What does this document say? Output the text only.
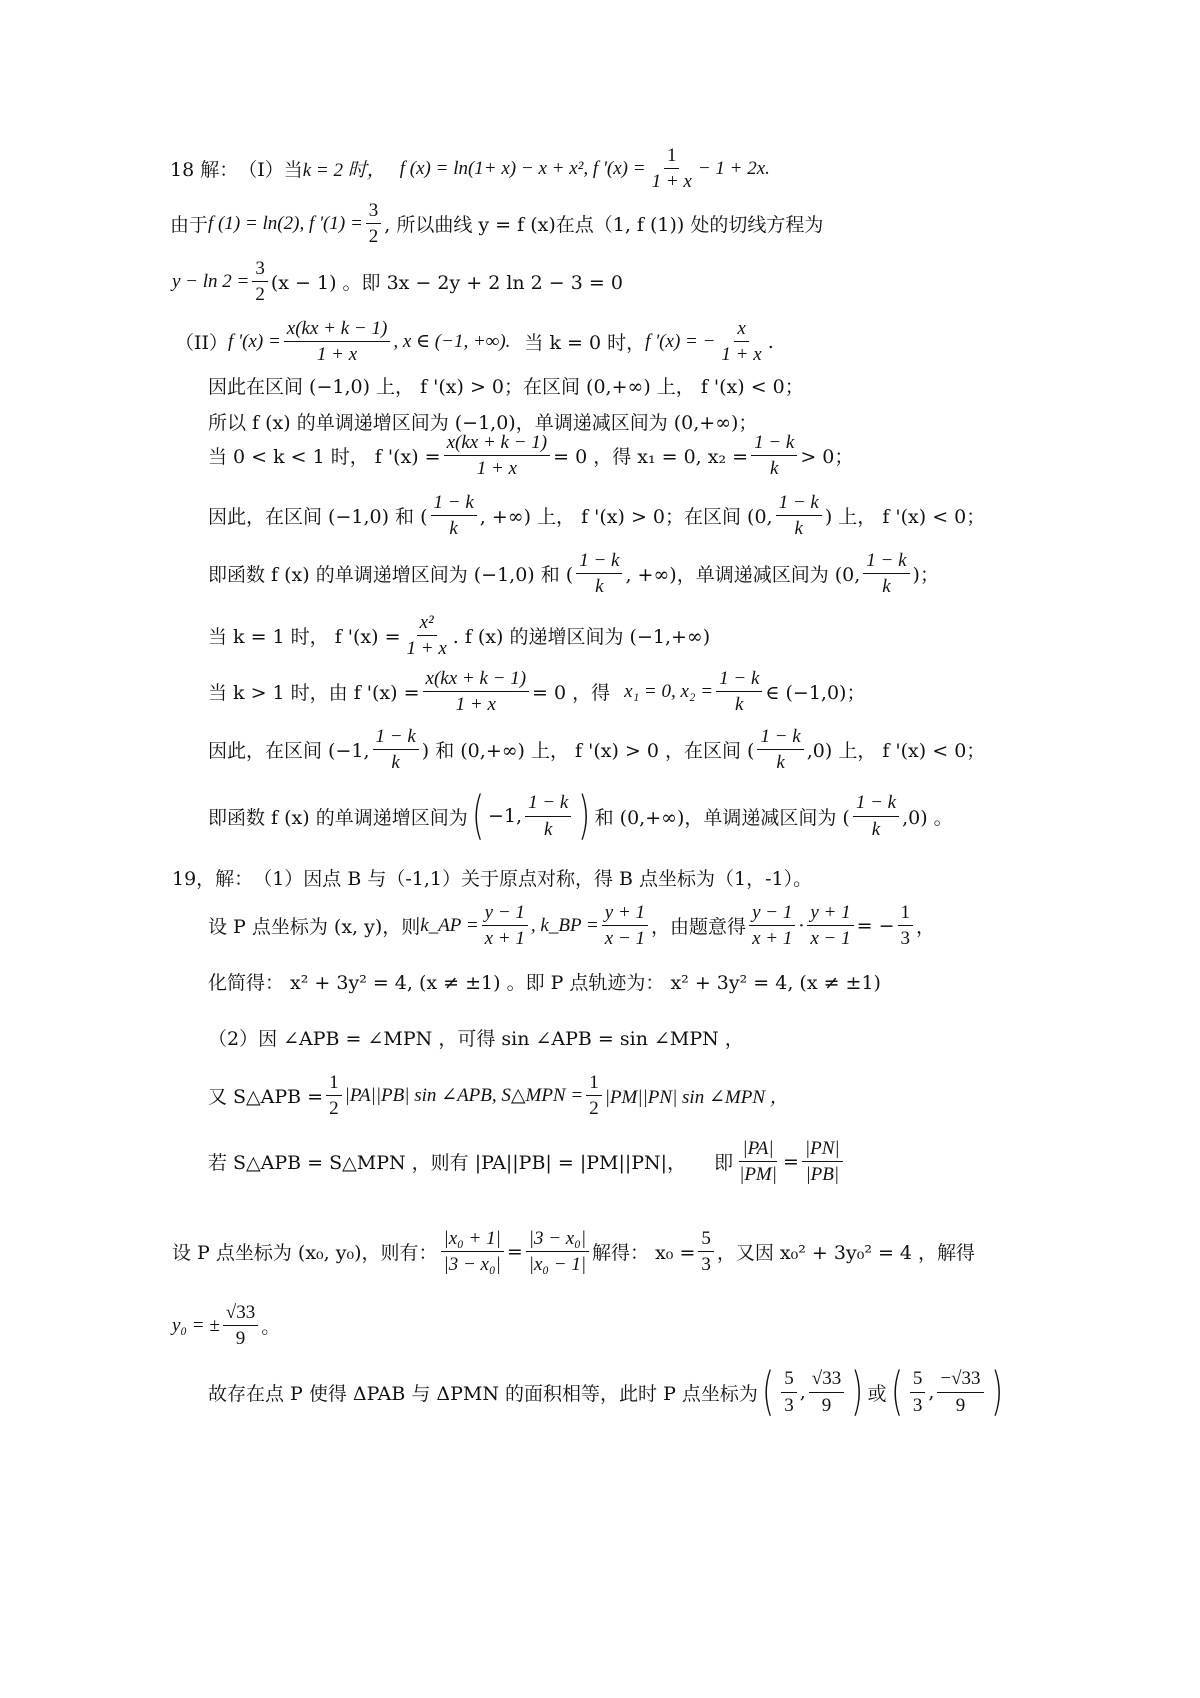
18 解： （I）当 k = 2 时， f (x) = ln(1+ x) − x + x², f '$(x) = \frac{1}{1 + x} - 1 + 2x$.
由于 f (1) = ln(2), f '$(1) = \frac{3}{2}$ , 所以曲线 y = f (x)在点（1, f (1)) 处的切线方程为
$y - \ln 2 = \frac{3}{2} (x - 1)$ 。即 3x − 2y + 2 ln 2 − 3 = 0
（II） f '$(x) = \frac{x(kx + k - 1)}{1 + x}$ , x ∈ (−1, +∞). 当 k = 0 时， f '(x) = − $\frac{x}{1 + x}$ .
因此在区间 (−1,0) 上， f '(x) > 0；在区间 (0,+∞) 上， f '(x) < 0；
所以 f (x) 的单调递增区间为 (−1,0)，单调递减区间为 (0,+∞)；
当 0 < k < 1 时， f '$(x) = \frac{x(kx + k - 1)}{1 + x} = 0$ ，得 x₁ = 0, $x_2 = \frac{1 - k}{k} > 0$；
因此，在区间 (−1,0) 和 ( $\frac{1 - k}{k}$ , +∞) 上， f '(x) > 0；在区间 (0, $\frac{1 - k}{k}$ ) 上， f '(x) < 0；
即函数 f (x) 的单调递增区间为 (−1,0) 和 ( $\frac{1 - k}{k}$ , +∞)，单调递减区间为 (0, $\frac{1 - k}{k}$ )；
当 k = 1 时， f '$(x) = \frac{\text{x²}}{1 + x}$ . f (x) 的递增区间为 (−1,+∞)
当 k > 1 时，由 f '$(x) = \frac{x(kx + k - 1)}{1 + x} = 0$ ，得 x₁ = 0, $x_2 = \frac{1 - k}{k}$ ∈ (−1,0)；
因此，在区间 (−1, $\frac{1 - k}{k}$ ) 和 (0,+∞) 上， f '(x) > 0 ，在区间 ( $\frac{1 - k}{k} ,0$) 上， f '(x) < 0；
即函数 f (x) 的单调递增区间为 ( −1, $\frac{1 - k}{k}$ ) 和 (0,+∞)，单调递减区间为 ( $\frac{1 - k}{k} ,0$) 。
19，解： （1）因点 B 与（-1,1）关于原点对称，得 B 点坐标为（1，-1）。
设 P 点坐标为 (x, y)，则 k_AP = $\frac{y - 1}{x + 1}$ , k_BP = $\frac{y + 1}{x - 1}$ ，由题意得 $\frac{y - 1}{x + 1} \cdot \frac{y + 1}{x - 1}$ = − $\frac{1}{3}$ ，
化简得： x² + 3y² = 4, (x ≠ ±1) 。即 P 点轨迹为： x² + 3y² = 4, (x ≠ ±1)
（2）因 ∠APB = ∠MPN ，可得 sin ∠APB = sin ∠MPN ，
又 S△APB = $\frac{1}{2} |PA||PB|$ sin ∠APB, S△MPN = $\frac{1}{2} |PM||PN|$ sin ∠MPN ，
若 S△APB = S△MPN ，则有 |PA||PB| = |PM||PN|， 即 $\frac{|PA|}{|PM|} = \frac{|PN|}{|PB|}$
设 P 点坐标为 (x₀, y₀)，则有： $\frac{\text{|x₀ + 1|}}{\text{|3 − x₀|}} = \frac{\text{|3 − x₀|}}{\text{|x₀ − 1|}}$ 解得： $x_0 = \frac{5}{3}$ ，又因 x₀² + 3y₀² = 4 ，解得
y₀ = ± $\frac{√33}{9}$ 。
故存在点 P 使得 ΔPAB 与 ΔPMN 的面积相等，此时 P 点坐标为 ( $\frac{5}{3}$ , $\frac{√33}{9}$ ) 或 ( $\frac{5}{3}$ , $\frac{-√33}{9}$ )
